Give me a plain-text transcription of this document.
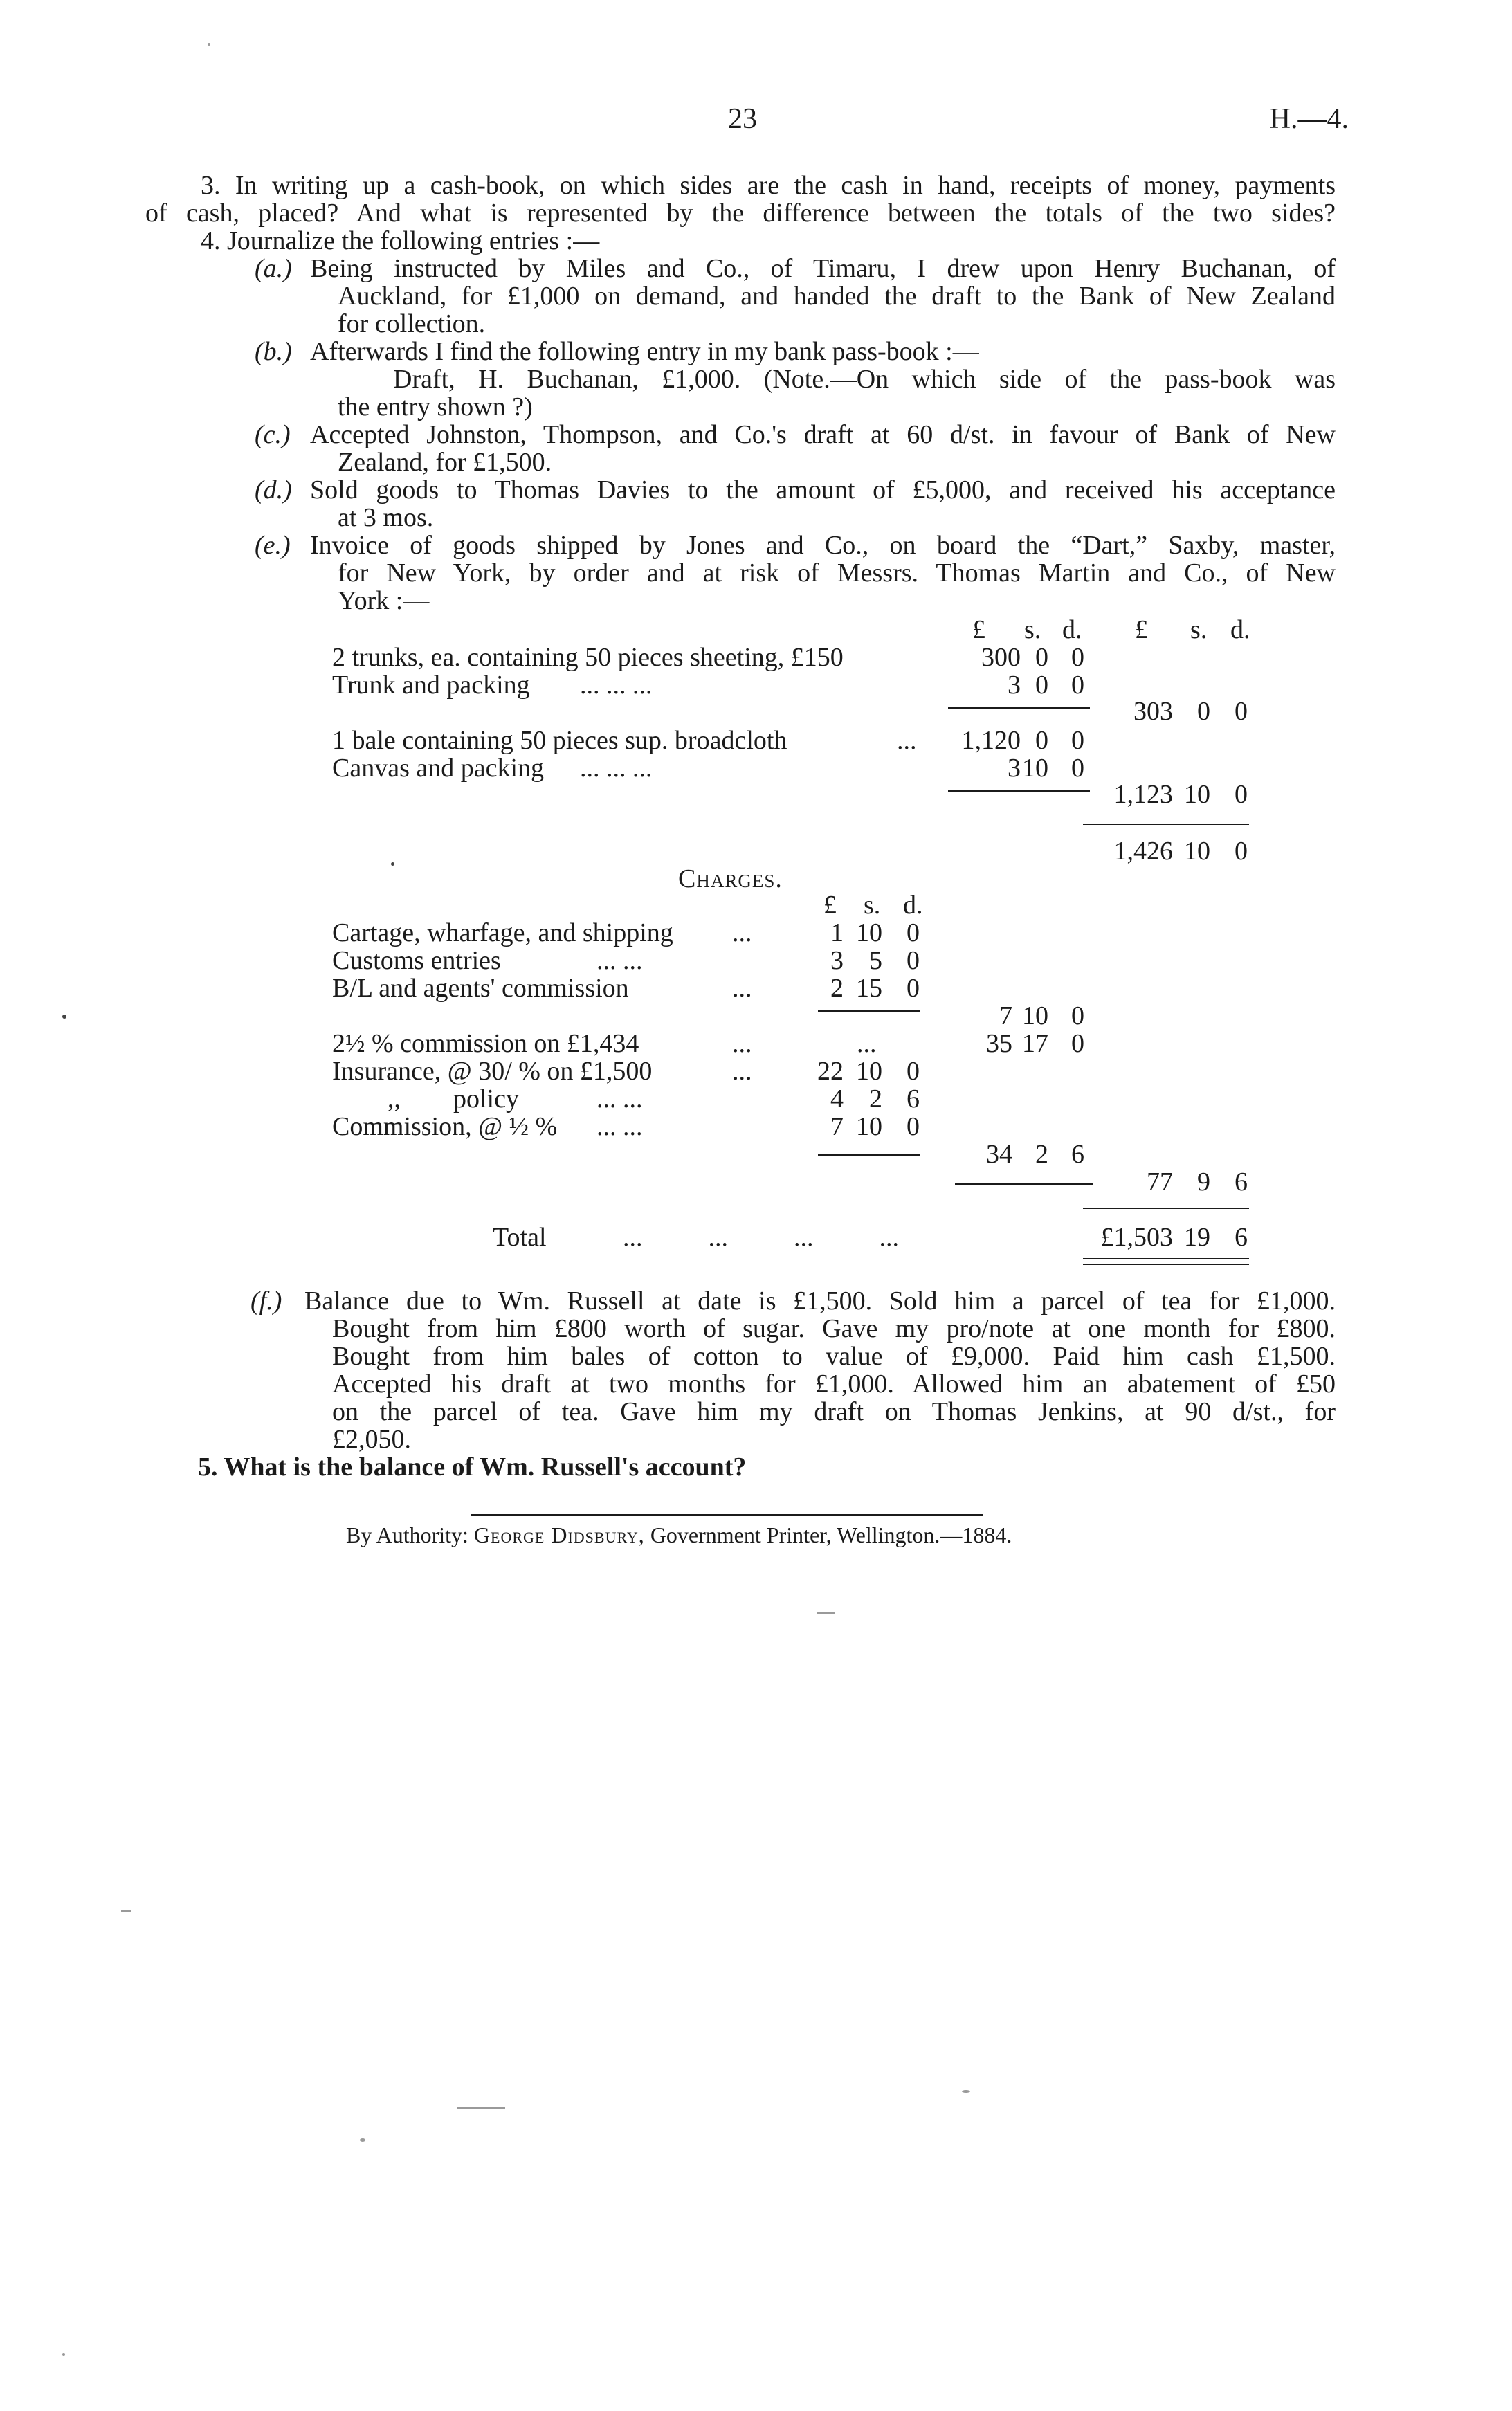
23	H.—4.
3. In writing up a cash-book, on which sides are the cash in hand, receipts of money, payments
of cash, placed? And what is represented by the difference between the totals of the two sides?
4. Journalize the following entries :—
(a.) Being instructed by Miles and Co., of Timaru, I drew upon Henry Buchanan, of
Auckland, for £1,000 on demand, and handed the draft to the Bank of New Zealand
for collection.
(b.) Afterwards I find the following entry in my bank pass-book :—
Draft, H. Buchanan, £1,000. (Note.—On which side of the pass-book was
the entry shown ?)
(c.) Accepted Johnston, Thompson, and Co.'s draft at 60 d/st. in favour of Bank of New
Zealand, for £1,500.
(d.) Sold goods to Thomas Davies to the amount of £5,000, and received his acceptance
at 3 mos.
(e.) Invoice of goods shipped by Jones and Co., on board the “Dart,” Saxby, master,
for New York, by order and at risk of Messrs. Thomas Martin and Co., of New
York :—
£ s. d. £ s. d.
2 trunks, ea. containing 50 pieces sheeting, £150	300 0 0
Trunk and packing ... ... ...	3 0 0
303 0 0
1 bale containing 50 pieces sup. broadcloth	... 1,120 0 0
Canvas and packing ... ... ...	3 10 0
1,123 10 0
1,426 10 0
Charges.
£ s. d.
Cartage, wharfage, and shipping ...	1 10 0
Customs entries	... ...	3 5 0
B/L and agents' commission	...	2 15 0
7 10 0
2½ % commission on £1,434	...	...	35 17 0
Insurance, @ 30/ % on £1,500	... 22 10 0
,,        policy	... ...	4 2 6
Commission, @ ½ % ... ...	7 10 0
34 2 6
77 9 6
Total	...          ...          ...          ...	£1,503 19 6
(f.) Balance due to Wm. Russell at date is £1,500. Sold him a parcel of tea for £1,000.
Bought from him £800 worth of sugar. Gave my pro/note at one month for £800.
Bought from him bales of cotton to value of £9,000. Paid him cash £1,500.
Accepted his draft at two months for £1,000. Allowed him an abatement of £50
on the parcel of tea. Gave him my draft on Thomas Jenkins, at 90 d/st., for
£2,050.
5. What is the balance of Wm. Russell's account?
By Authority: George Didsbury, Government Printer, Wellington.—1884.
